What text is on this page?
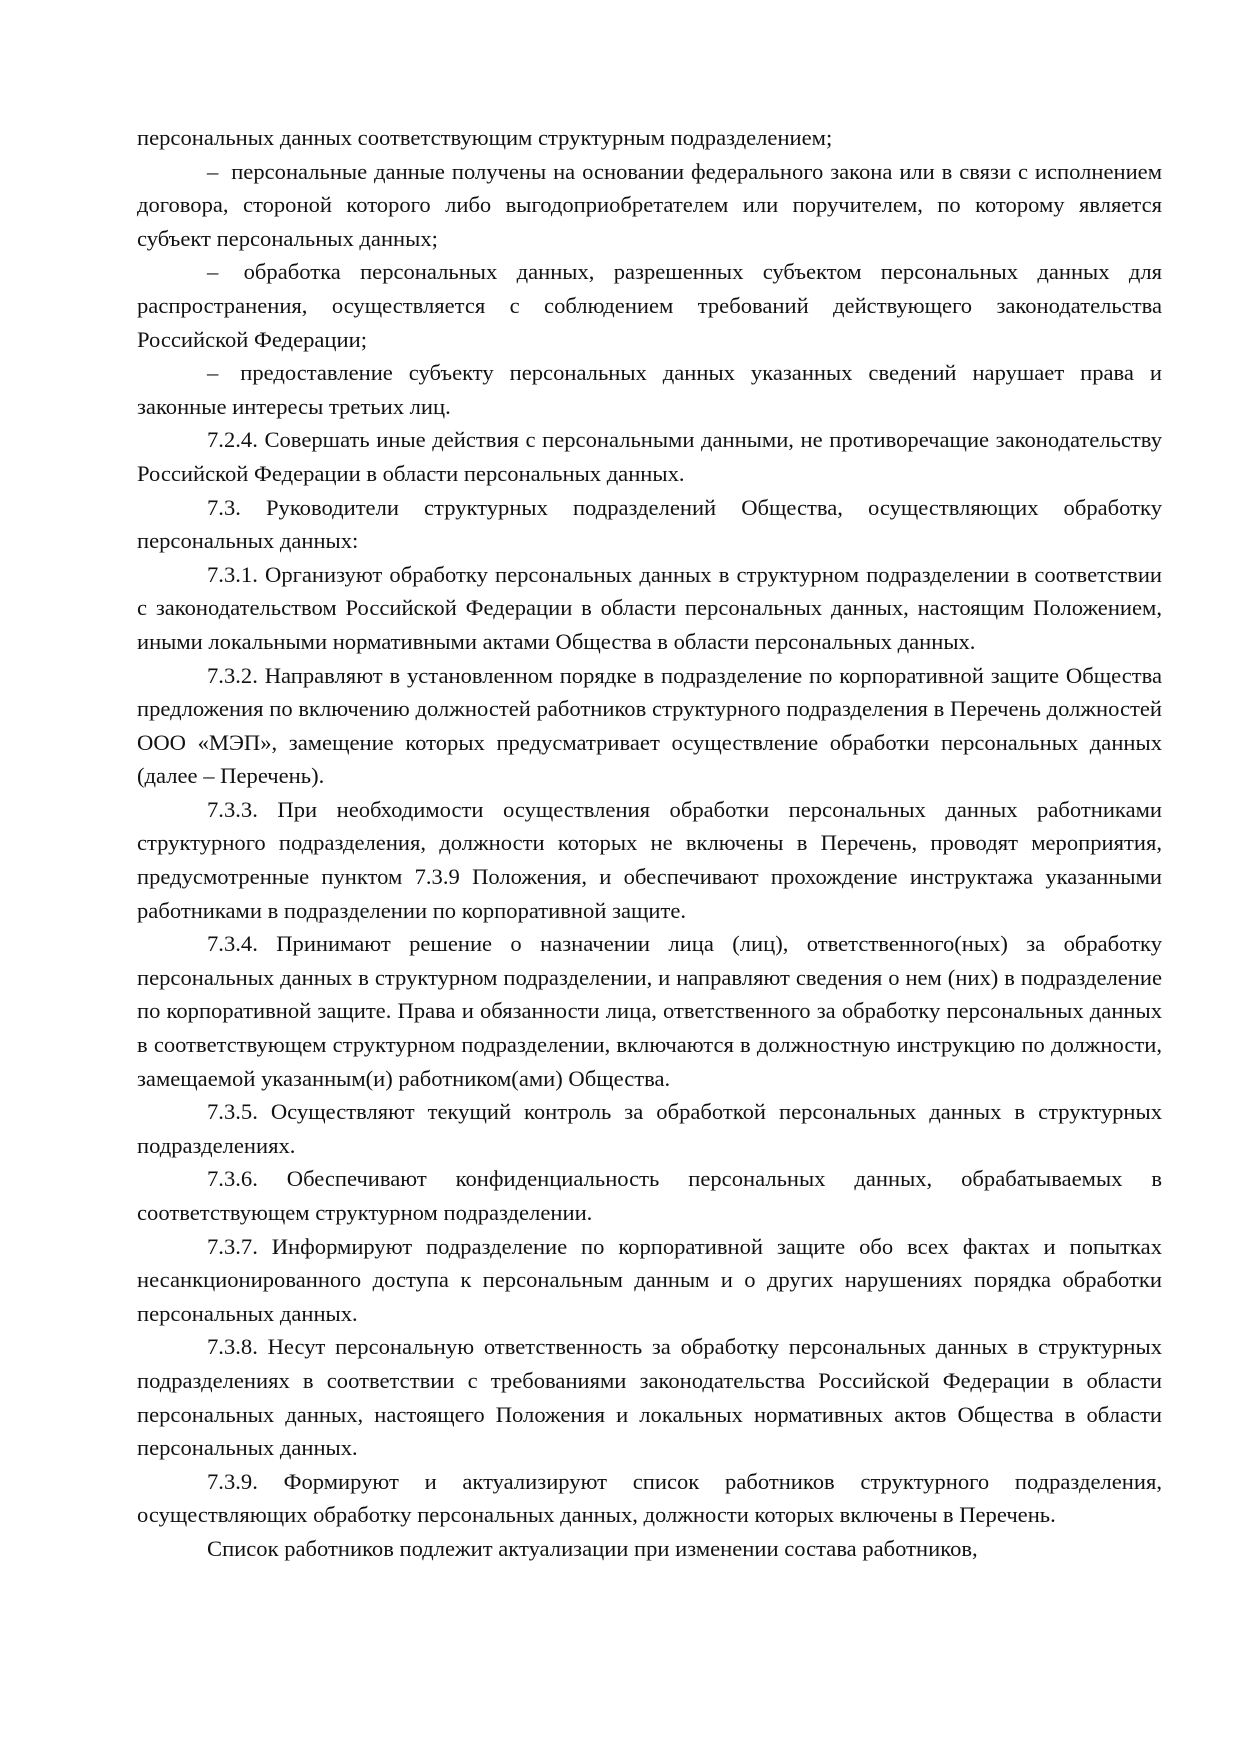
персональных данных соответствующим структурным подразделением;

– персональные данные получены на основании федерального закона или в связи с исполнением договора, стороной которого либо выгодоприобретателем или поручителем, по которому является субъект персональных данных;

– обработка персональных данных, разрешенных субъектом персональных данных для распространения, осуществляется с соблюдением требований действующего законодательства Российской Федерации;

– предоставление субъекту персональных данных указанных сведений нарушает права и законные интересы третьих лиц.

7.2.4. Совершать иные действия с персональными данными, не противоречащие законодательству Российской Федерации в области персональных данных.

7.3. Руководители структурных подразделений Общества, осуществляющих обработку персональных данных:

7.3.1. Организуют обработку персональных данных в структурном подразделении в соответствии с законодательством Российской Федерации в области персональных данных, настоящим Положением, иными локальными нормативными актами Общества в области персональных данных.

7.3.2. Направляют в установленном порядке в подразделение по корпоративной защите Общества предложения по включению должностей работников структурного подразделения в Перечень должностей ООО «МЭП», замещение которых предусматривает осуществление обработки персональных данных (далее – Перечень).

7.3.3. При необходимости осуществления обработки персональных данных работниками структурного подразделения, должности которых не включены в Перечень, проводят мероприятия, предусмотренные пунктом 7.3.9 Положения, и обеспечивают прохождение инструктажа указанными работниками в подразделении по корпоративной защите.

7.3.4. Принимают решение о назначении лица (лиц), ответственного(ных) за обработку персональных данных в структурном подразделении, и направляют сведения о нем (них) в подразделение по корпоративной защите. Права и обязанности лица, ответственного за обработку персональных данных в соответствующем структурном подразделении, включаются в должностную инструкцию по должности, замещаемой указанным(и) работником(ами) Общества.

7.3.5. Осуществляют текущий контроль за обработкой персональных данных в структурных подразделениях.

7.3.6. Обеспечивают конфиденциальность персональных данных, обрабатываемых в соответствующем структурном подразделении.

7.3.7. Информируют подразделение по корпоративной защите обо всех фактах и попытках несанкционированного доступа к персональным данным и о других нарушениях порядка обработки персональных данных.

7.3.8. Несут персональную ответственность за обработку персональных данных в структурных подразделениях в соответствии с требованиями законодательства Российской Федерации в области персональных данных, настоящего Положения и локальных нормативных актов Общества в области персональных данных.

7.3.9. Формируют и актуализируют список работников структурного подразделения, осуществляющих обработку персональных данных, должности которых включены в Перечень.

Список работников подлежит актуализации при изменении состава работников,
